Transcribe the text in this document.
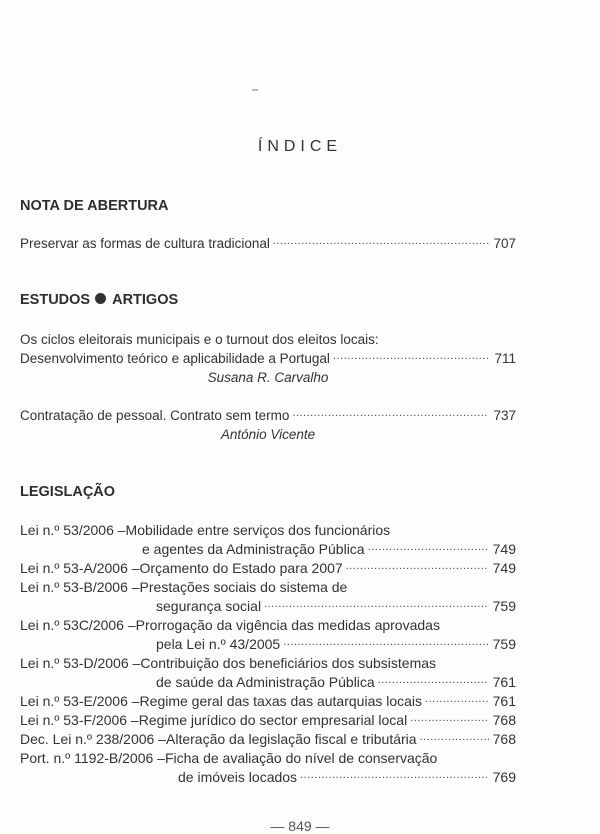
ÍNDICE
NOTA DE ABERTURA
Preservar as formas de cultura tradicional .....	707
ESTUDOS ARTIGOS
Os ciclos eleitorais municipais e o turnout dos eleitos locais:
Desenvolvimento teórico e aplicabilidade a Portugal .....	711
Susana R. Carvalho
Contratação de pessoal. Contrato sem termo .....	737
António Vicente
LEGISLAÇÃO
Lei n.º 53/2006 – Mobilidade entre serviços dos funcionários
e agentes da Administração Pública .....	749
Lei n.º 53-A/2006 – Orçamento do Estado para 2007 .....	749
Lei n.º 53-B/2006 – Prestações sociais do sistema de
segurança social .....	759
Lei n.º 53C/2006 – Prorrogação da vigência das medidas aprovadas
pela Lei n.º 43/2005 .....	759
Lei n.º 53-D/2006 – Contribuição dos beneficiários dos subsistemas
de saúde da Administração Pública .....	761
Lei n.º 53-E/2006 – Regime geral das taxas das autarquias locais .....	761
Lei n.º 53-F/2006 – Regime jurídico do sector empresarial local .....	768
Dec. Lei n.º 238/2006 – Alteração da legislação fiscal e tributária .....	768
Port. n.º 1192-B/2006 – Ficha de avaliação do nível de conservação
de imóveis locados .....	769
— 849 —
